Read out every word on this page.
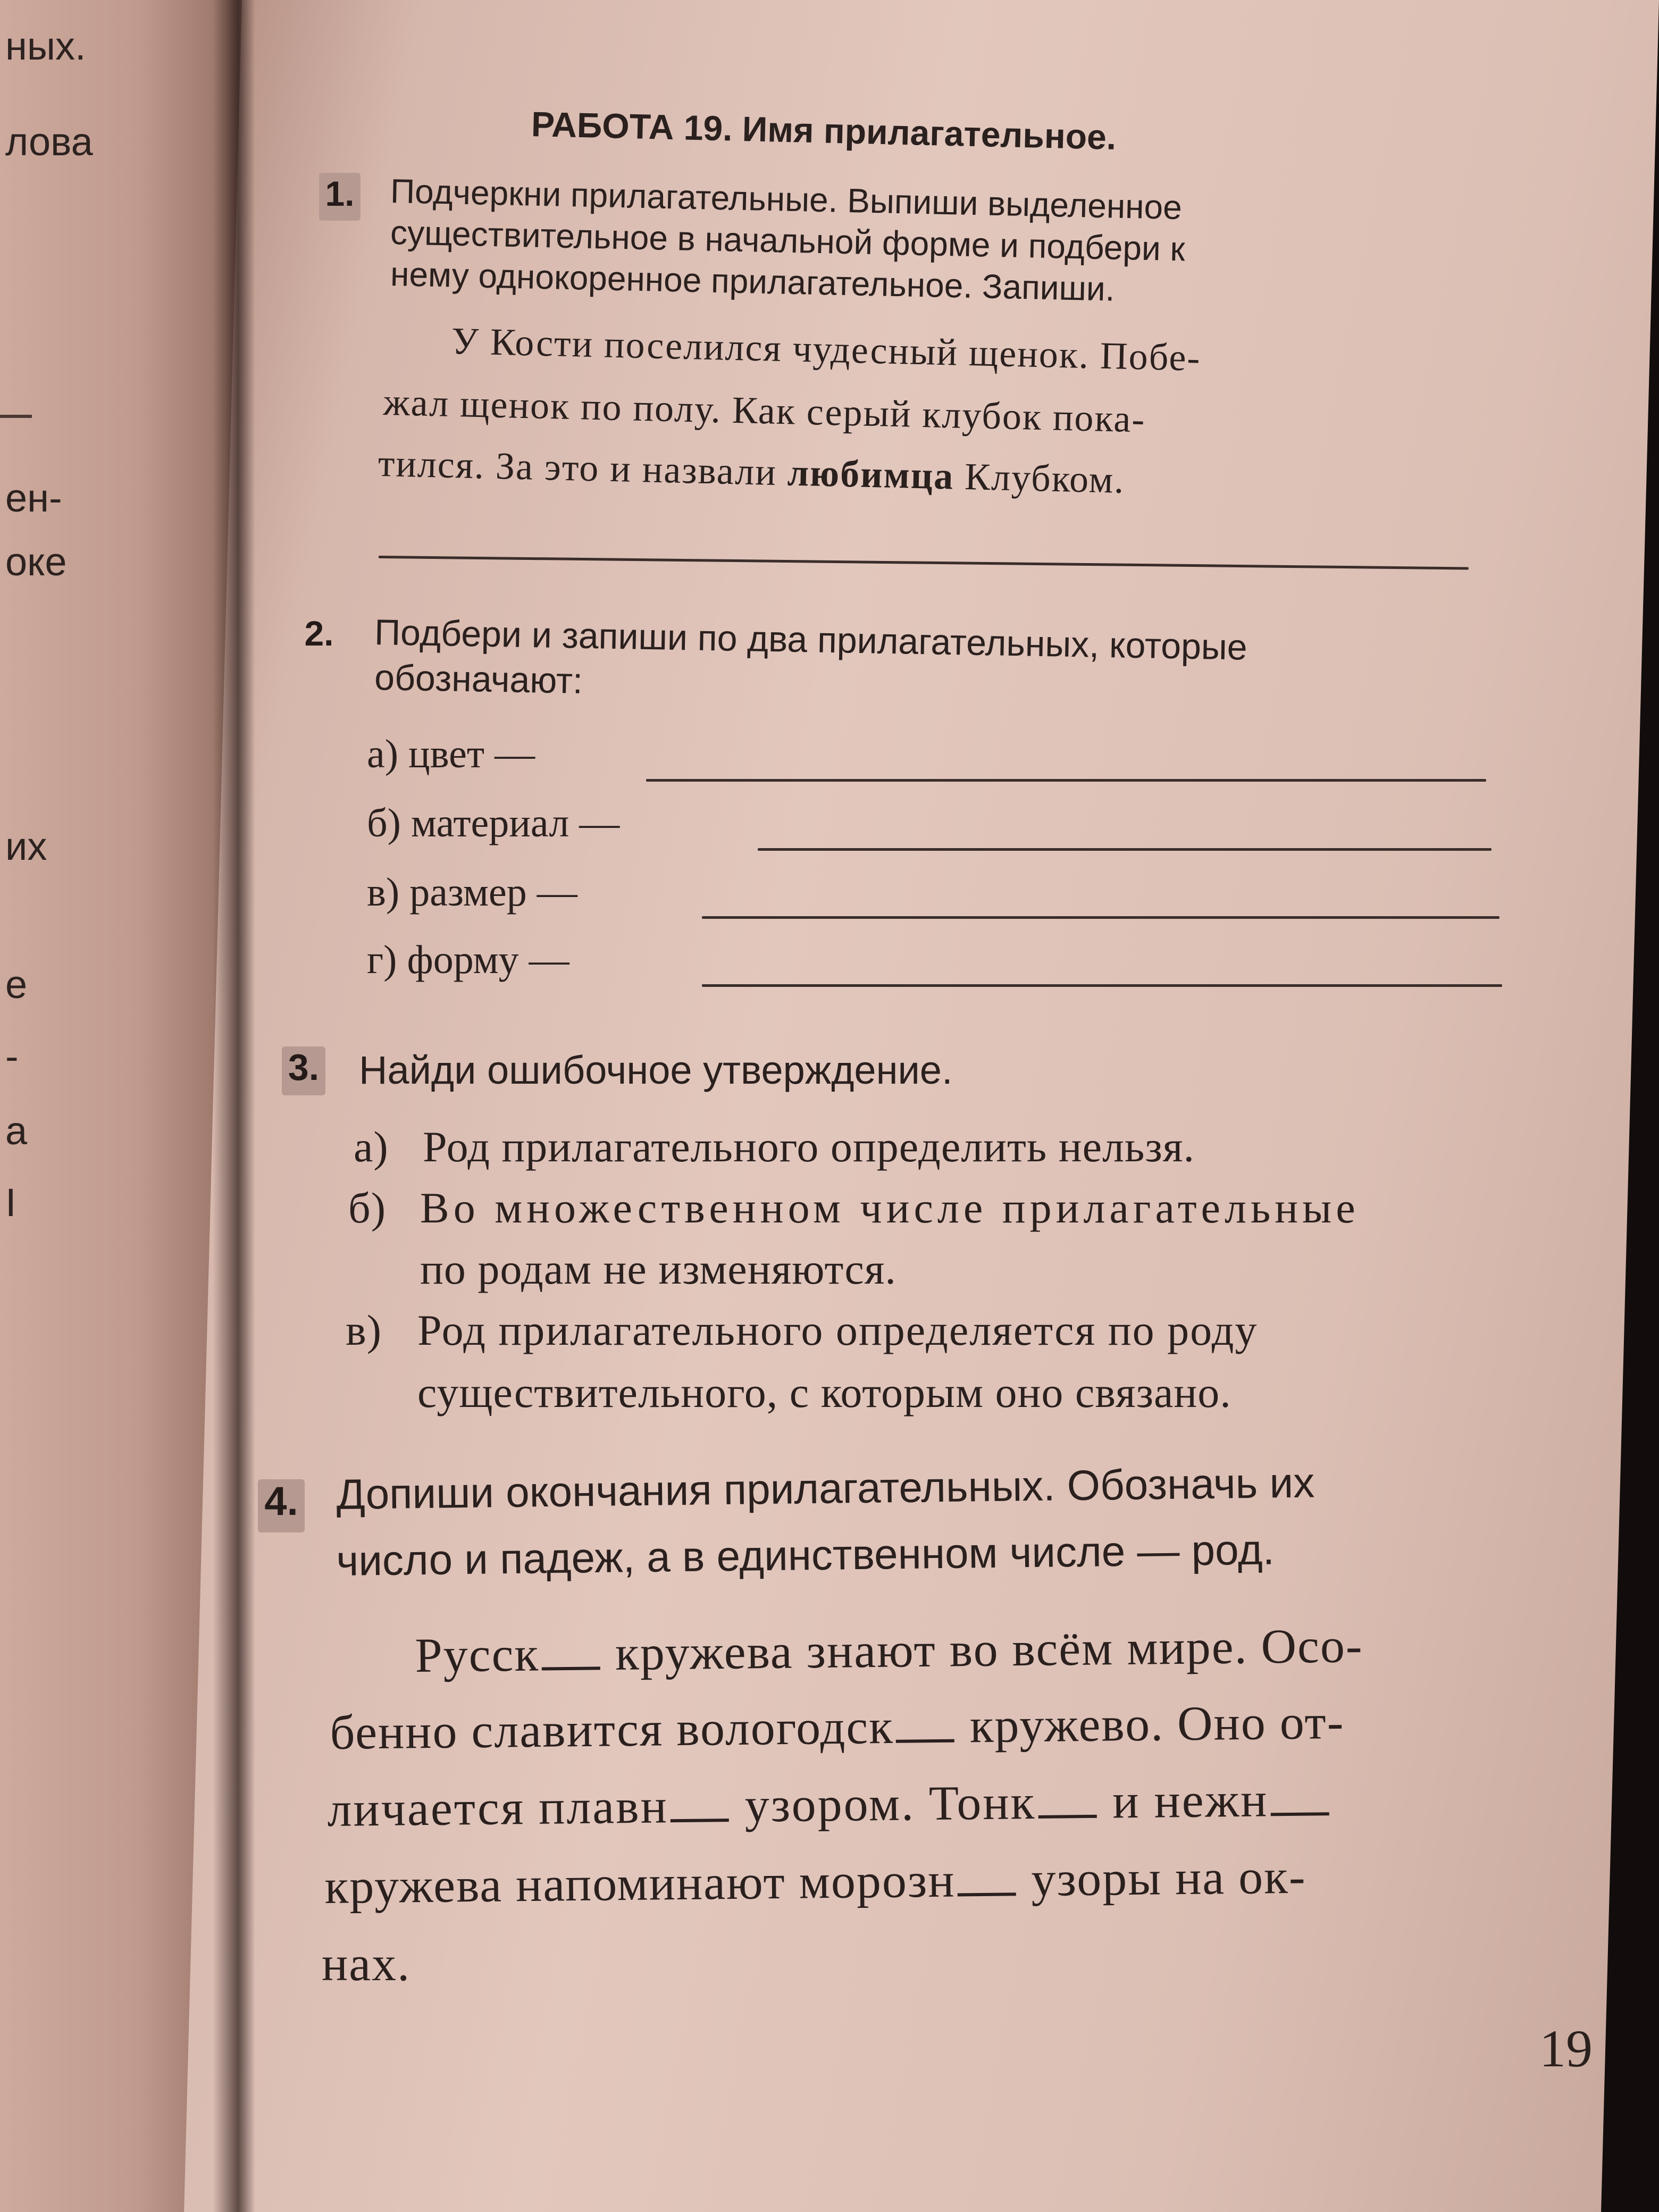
ных.
лова
ен-
оке
их
е
-
а
I
РАБОТА 19. Имя прилагательное.
1. Подчеркни прилагательные. Выпиши выделенное
существительное в начальной форме и подбери к
нему однокоренное прилагательное. Запиши.
У Кости поселился чудесный щенок. Побе-
жал щенок по полу. Как серый клубок пока-
тился. За это и назвали любимца Клубком.
2. Подбери и запиши по два прилагательных, которые
обозначают:
а) цвет —
б) материал —
в) размер —
г) форму —
3. Найди ошибочное утверждение.
а) Род прилагательного определить нельзя.
б) Во множественном числе прилагательные
по родам не изменяются.
в) Род прилагательного определяется по роду
существительного, с которым оно связано.
4. Допиши окончания прилагательных. Обозначь их
число и падеж, а в единственном числе — род.
Русск кружева знают во всём мире. Осо-
бенно славится вологодск кружево. Оно от-
личается плавн узором. Тонк и нежн
кружева напоминают морозн узоры на ок-
нах.
19
